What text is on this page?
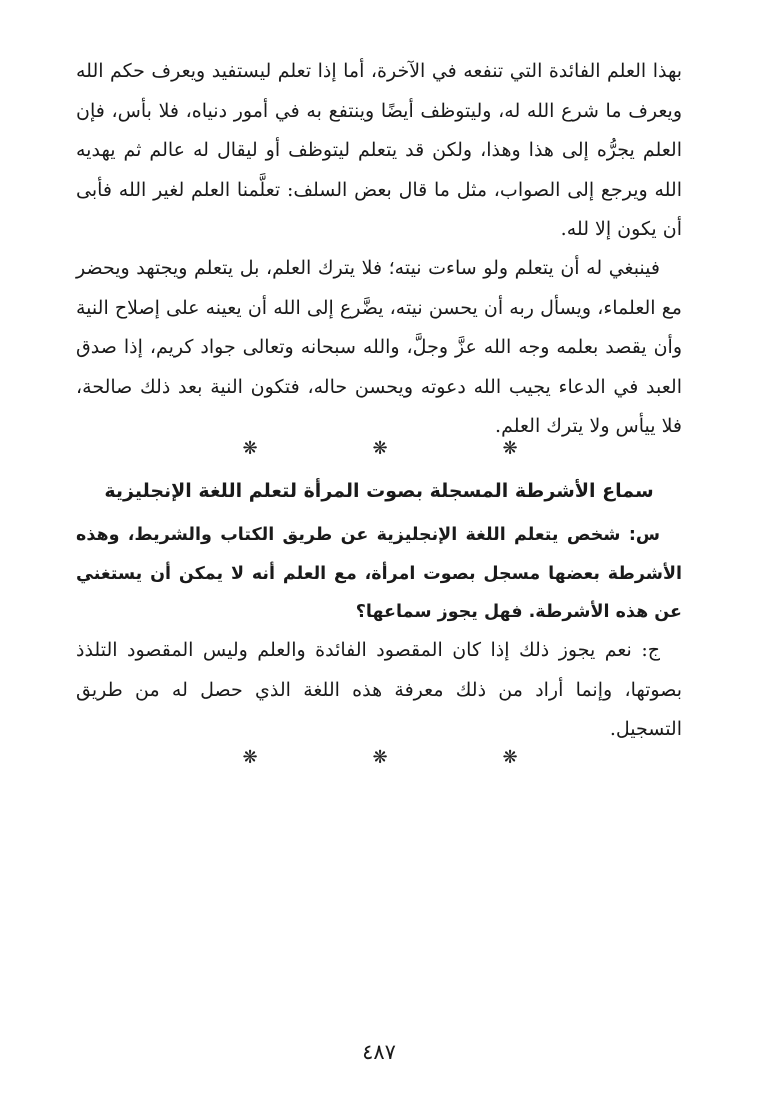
بهذا العلم الفائدة التي تنفعه في الآخرة، أما إذا تعلم ليستفيد ويعرف حكم الله ويعرف ما شرع الله له، وليتوظف أيضًا وينتفع به في أمور دنياه، فلا بأس، فإن العلم يجرُّه إلى هذا وهذا، ولكن قد يتعلم ليتوظف أو ليقال له عالم ثم يهديه الله ويرجع إلى الصواب، مثل ما قال بعض السلف: تعلَّمنا العلم لغير الله فأبى أن يكون إلا لله.

فينبغي له أن يتعلم ولو ساءت نيته؛ فلا يترك العلم، بل يتعلم ويجتهد ويحضر مع العلماء، ويسأل ربه أن يحسن نيته، يضَّرع إلى الله أن يعينه على إصلاح النية وأن يقصد بعلمه وجه الله عزَّ وجلَّ، والله سبحانه وتعالى جواد كريم، إذا صدق العبد في الدعاء يجيب الله دعوته ويحسن حاله، فتكون النية بعد ذلك صالحة، فلا ييأس ولا يترك العلم.

❋	❋	❋
سماع الأشرطة المسجلة بصوت المرأة لتعلم اللغة الإنجليزية

س: شخص يتعلم اللغة الإنجليزية عن طريق الكتاب والشريط، وهذه الأشرطة بعضها مسجل بصوت امرأة، مع العلم أنه لا يمكن أن يستغني عن هذه الأشرطة. فهل يجوز سماعها؟

ج: نعم يجوز ذلك إذا كان المقصود الفائدة والعلم وليس المقصود التلذذ بصوتها، وإنما أراد من ذلك معرفة هذه اللغة الذي حصل له من طريق التسجيل.

❋	❋	❋
٤٨٧
